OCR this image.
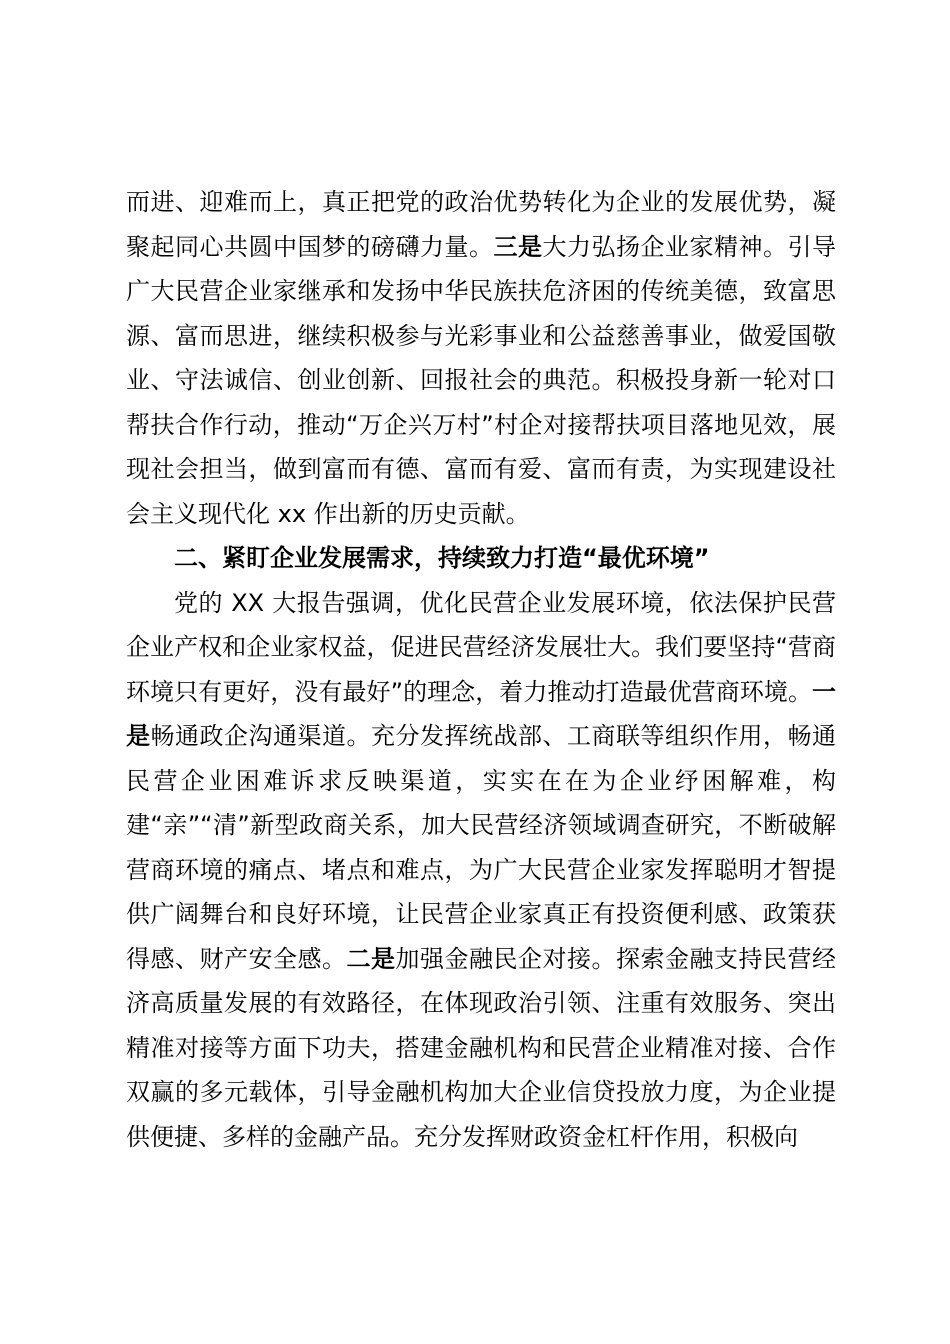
而进、迎难而上，真正把党的政治优势转化为企业的发展优势，凝聚起同心共圆中国梦的磅礴力量。三是大力弘扬企业家精神。引导广大民营企业家继承和发扬中华民族扶危济困的传统美德，致富思源、富而思进，继续积极参与光彩事业和公益慈善事业，做爱国敬业、守法诚信、创业创新、回报社会的典范。积极投身新一轮对口帮扶合作行动，推动“万企兴万村”村企对接帮扶项目落地见效，展现社会担当，做到富而有德、富而有爱、富而有责，为实现建设社会主义现代化 xx 作出新的历史贡献。

二、紧盯企业发展需求，持续致力打造“最优环境”

党的 XX 大报告强调，优化民营企业发展环境，依法保护民营企业产权和企业家权益，促进民营经济发展壮大。我们要坚持“营商环境只有更好，没有最好”的理念，着力推动打造最优营商环境。一是畅通政企沟通渠道。充分发挥统战部、工商联等组织作用，畅通民营企业困难诉求反映渠道，实实在在为企业纾困解难，构建“亲”“清”新型政商关系，加大民营经济领域调查研究，不断破解营商环境的痛点、堵点和难点，为广大民营企业家发挥聪明才智提供广阔舞台和良好环境，让民营企业家真正有投资便利感、政策获得感、财产安全感。二是加强金融民企对接。探索金融支持民营经济高质量发展的有效路径，在体现政治引领、注重有效服务、突出精准对接等方面下功夫，搭建金融机构和民营企业精准对接、合作双赢的多元载体，引导金融机构加大企业信贷投放力度，为企业提供便捷、多样的金融产品。充分发挥财政资金杠杆作用，积极向
